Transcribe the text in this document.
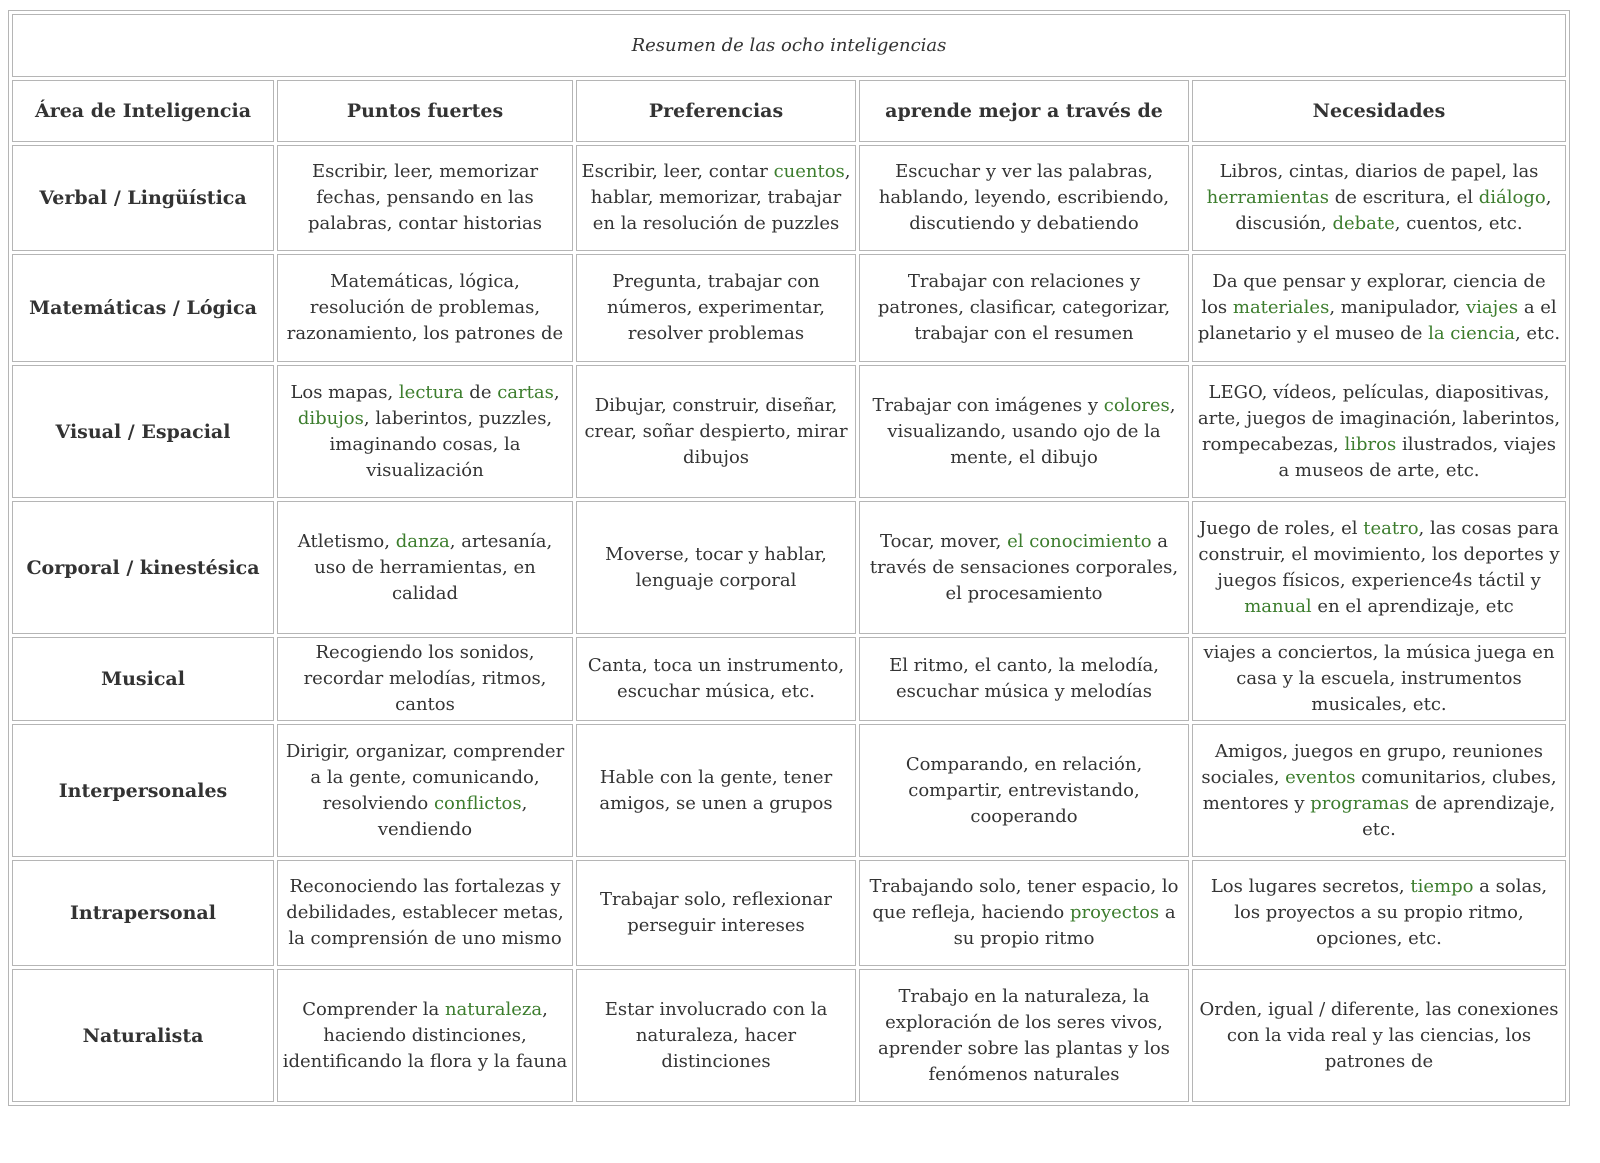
Resumen de las ocho inteligencias				
Área de Inteligencia	Puntos fuertes	Preferencias	aprende mejor a través de	Necesidades
Verbal / Lingüística	Escribir, leer, memorizar fechas, pensando en las palabras, contar historias	Escribir, leer, contar cuentos, hablar, memorizar, trabajar en la resolución de puzzles	Escuchar y ver las palabras, hablando, leyendo, escribiendo, discutiendo y debatiendo	Libros, cintas, diarios de papel, las herramientas de escritura, el diálogo, discusión, debate, cuentos, etc.
Matemáticas / Lógica	Matemáticas, lógica, resolución de problemas, razonamiento, los patrones de	Pregunta, trabajar con números, experimentar, resolver problemas	Trabajar con relaciones y patrones, clasificar, categorizar, trabajar con el resumen	Da que pensar y explorar, ciencia de los materiales, manipulador, viajes a el planetario y el museo de la ciencia, etc.
Visual / Espacial	Los mapas, lectura de cartas, dibujos, laberintos, puzzles, imaginando cosas, la visualización	Dibujar, construir, diseñar, crear, soñar despierto, mirar dibujos	Trabajar con imágenes y colores, visualizando, usando ojo de la mente, el dibujo	LEGO, vídeos, películas, diapositivas, arte, juegos de imaginación, laberintos, rompecabezas, libros ilustrados, viajes a museos de arte, etc.
Corporal / kinestésica	Atletismo, danza, artesanía, uso de herramientas, en calidad	Moverse, tocar y hablar, lenguaje corporal	Tocar, mover, el conocimiento a través de sensaciones corporales, el procesamiento	Juego de roles, el teatro, las cosas para construir, el movimiento, los deportes y juegos físicos, experience4s táctil y manual en el aprendizaje, etc
Musical	Recogiendo los sonidos, recordar melodías, ritmos, cantos	Canta, toca un instrumento, escuchar música, etc.	El ritmo, el canto, la melodía, escuchar música y melodías	viajes a conciertos, la música juega en casa y la escuela, instrumentos musicales, etc.
Interpersonales	Dirigir, organizar, comprender a la gente, comunicando, resolviendo conflictos, vendiendo	Hable con la gente, tener amigos, se unen a grupos	Comparando, en relación, compartir, entrevistando, cooperando	Amigos, juegos en grupo, reuniones sociales, eventos comunitarios, clubes, mentores y programas de aprendizaje, etc.
Intrapersonal	Reconociendo las fortalezas y debilidades, establecer metas, la comprensión de uno mismo	Trabajar solo, reflexionar perseguir intereses	Trabajando solo, tener espacio, lo que refleja, haciendo proyectos a su propio ritmo	Los lugares secretos, tiempo a solas, los proyectos a su propio ritmo, opciones, etc.
Naturalista	Comprender la naturaleza, haciendo distinciones, identificando la flora y la fauna	Estar involucrado con la naturaleza, hacer distinciones	Trabajo en la naturaleza, la exploración de los seres vivos, aprender sobre las plantas y los fenómenos naturales	Orden, igual / diferente, las conexiones con la vida real y las ciencias, los patrones de
